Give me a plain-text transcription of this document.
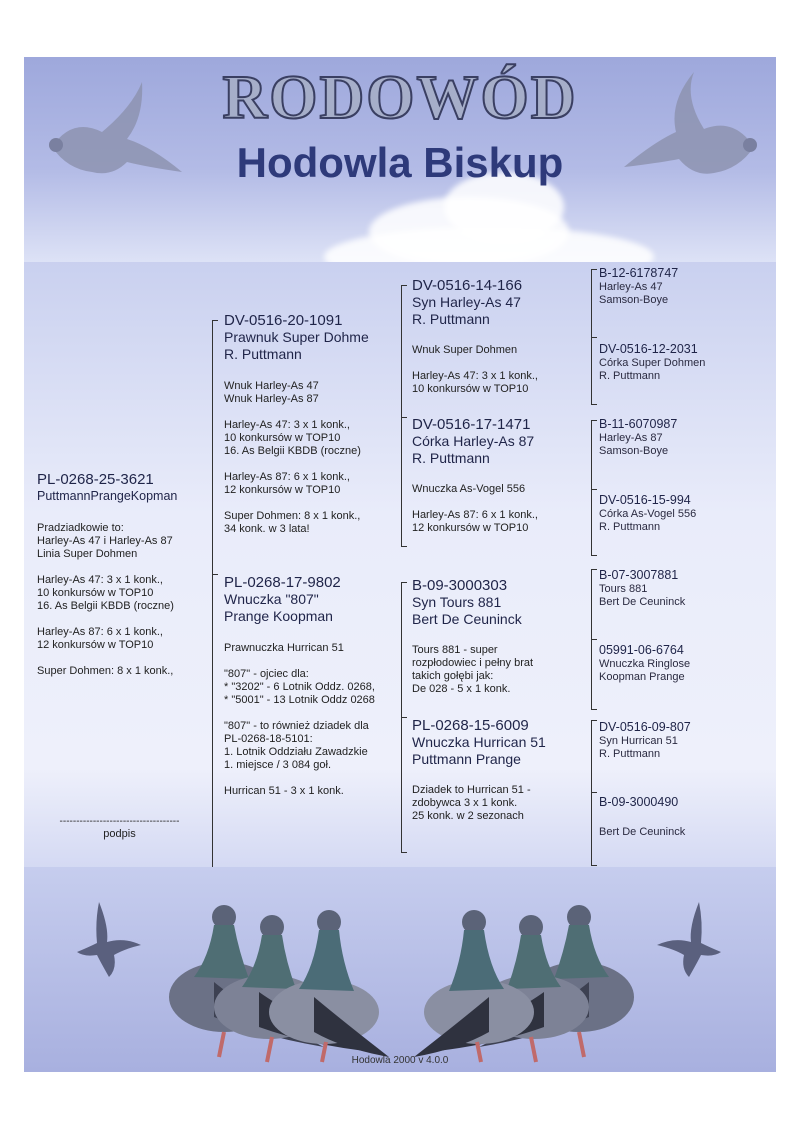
RODOWÓD
Hodowla Biskup
PL-0268-25-3621
PuttmannPrangeKopman
Pradziadkowie to:
Harley-As 47 i Harley-As 87
Linia Super Dohmen
Harley-As 47: 3 x 1 konk.,
10 konkursów w TOP10
16. As Belgii KBDB (roczne)
Harley-As 87: 6 x 1 konk.,
12 konkursów w TOP10
Super Dohmen: 8 x 1 konk.,
------------------------------------
podpis
DV-0516-20-1091
Prawnuk Super Dohme
R. Puttmann
Wnuk Harley-As 47
Wnuk Harley-As 87
Harley-As 47: 3 x 1 konk.,
10 konkursów w TOP10
16. As Belgii KBDB (roczne)
Harley-As 87: 6 x 1 konk.,
12 konkursów w TOP10
Super Dohmen: 8 x 1 konk.,
34 konk. w 3 lata!
PL-0268-17-9802
Wnuczka "807"
Prange Koopman
Prawnuczka Hurrican 51
"807" - ojciec dla:
* "3202" - 6 Lotnik Oddz. 0268,
* "5001" - 13 Lotnik Oddz 0268
"807" - to również dziadek dla
PL-0268-18-5101:
1. Lotnik Oddziału Zawadzkie
1. miejsce / 3 084 goł.
Hurrican 51 - 3 x 1 konk.
DV-0516-14-166
Syn Harley-As 47
R. Puttmann
Wnuk Super Dohmen
Harley-As 47: 3 x 1 konk.,
10 konkursów w TOP10
DV-0516-17-1471
Córka Harley-As 87
R. Puttmann
Wnuczka As-Vogel 556
Harley-As 87: 6 x 1 konk.,
12 konkursów w TOP10
B-09-3000303
Syn Tours 881
Bert De Ceuninck
Tours 881 - super
rozpłodowiec i pełny brat
takich gołębi jak:
De 028 - 5 x 1 konk.
PL-0268-15-6009
Wnuczka Hurrican 51
Puttmann Prange
Dziadek to Hurrican 51 -
zdobywca 3 x 1 konk.
25 konk. w 2 sezonach
B-12-6178747
Harley-As 47
Samson-Boye
DV-0516-12-2031
Córka Super Dohmen
R. Puttmann
B-11-6070987
Harley-As 87
Samson-Boye
DV-0516-15-994
Córka As-Vogel 556
R. Puttmann
B-07-3007881
Tours 881
Bert De Ceuninck
05991-06-6764
Wnuczka Ringlose
Koopman Prange
DV-0516-09-807
Syn Hurrican 51
R. Puttmann
B-09-3000490
Bert De Ceuninck
Hodowla 2000 v 4.0.0
